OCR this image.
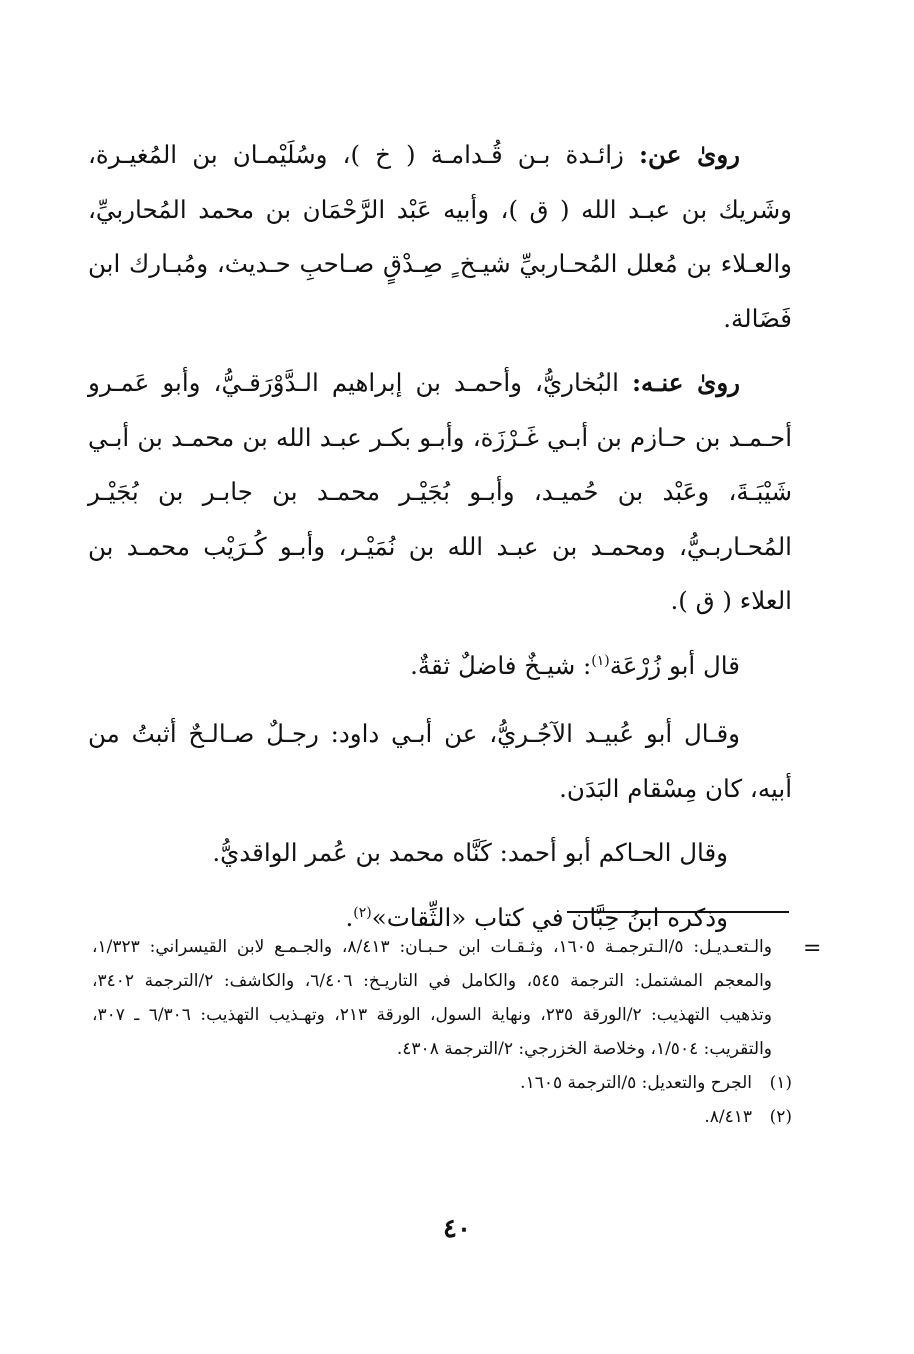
رویٰ عن: زائـدة بـن قُـدامـة ( خ )، وسُلَيْمـان بن المُغيـرة، وشَريك بن عبـد الله ( ق )، وأبيه عَبْد الرَّحْمَان بن محمد المُحاربيِّ، والعـلاء بن مُعلل المُحـاربيِّ شيـخ ٍ صِـدْقٍ صـاحبِ حـديث، ومُبـارك ابن فَضَالة.

رویٰ عنـه: البُخاريُّ، وأحمـد بن إبراهيم الـدَّوْرَقـيُّ، وأبو عَمـرو أحـمـد بن حـازم بن أبـي غَـرْزَة، وأبـو بكـر عبـد الله بن محمـد بن أبـي شَيْبَـةَ، وعَبْد بن حُميـد، وأبـو بُجَيْـر محمـد بن جابـر بن بُجَيْـر المُحـاربـيُّ، ومحمـد بن عبـد الله بن نُمَيْـر، وأبـو كُـرَيْب محمـد بن العلاء ( ق ).

قال أبو زُرْعَة$^{(١)}$: شيـخٌ فاضلٌ ثقةٌ.

وقـال أبو عُبيـد الآجُـريُّ، عن أبـي داود: رجـلٌ صـالـحٌ أثبتُ من أبيه، كان مِسْقام البَدَن.

وقال الحـاكم أبو أحمد: كَنَّاه محمد بن عُمر الواقديُّ.

وذكره ابنُ حِبَّان في كتاب «الثِّقات»$^{(٢)}$.

=

والـتعـديـل: ٥/الـترجمـة ١٦٠٥، وثـقـات ابن حـبـان: ٨/٤١٣، والجـمـع لابن القيسراني: ١/٣٢٣، والمعجم المشتمل: الترجمة ٥٤٥، والكامل في التاريـخ: ٦/٤٠٦، والكاشف: ٢/الترجمة ٣٤٠٢، وتذهيب التهذيب: ٢/الورقة ٢٣٥، ونهاية السول، الورقة ٢١٣، وتهـذيب التهذيب: ٦/٣٠٦ ـ ٣٠٧، والتقريب: ١/٥٠٤، وخلاصة الخزرجي: ٢/الترجمة ٤٣٠٨.

(١)
الجرح والتعديل: ٥/الترجمة ١٦٠٥.

(٢)
٨/٤١٣.

٤٠
